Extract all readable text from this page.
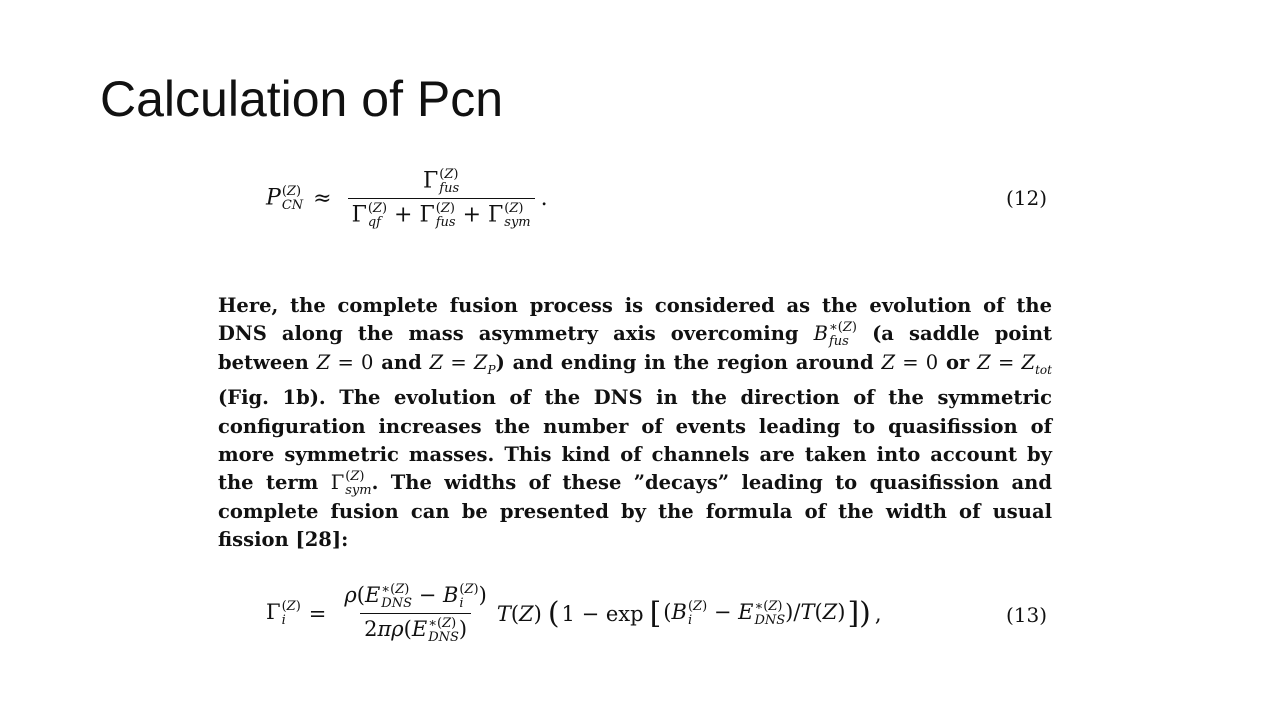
Calculation of Pcn
P (Z)
CN ≈ Γ (Z)
fus
Γ (Z)
qf + Γ (Z)
fus + Γ (Z)
sym .	(12)
Here, the complete fusion process is considered as the evolution of the DNS along the mass asymmetry axis overcoming B ∗(Z)
fus (a saddle point between Z = 0 and $Z = Z_P$) and ending in the region around Z = 0 or $Z = Z_{tot}$ (Fig. 1b). The evolution of the DNS in the direction of the symmetric configuration increases the number of events leading to quasifission of more symmetric masses. This kind of channels are taken into account by the term Γ (Z)
sym . The widths of these ”decays” leading to quasifission and complete fusion can be presented by the formula of the width of usual fission [28]:
Γ (Z)
i	= ρ(E ∗(Z)
DNS − B (Z)
i )
2πρ(E ∗(Z)
DNS ) T(Z) ( 1 − exp [ (B (Z)
i − E ∗(Z)
DNS )/T(Z) ] ) ,	(13)
